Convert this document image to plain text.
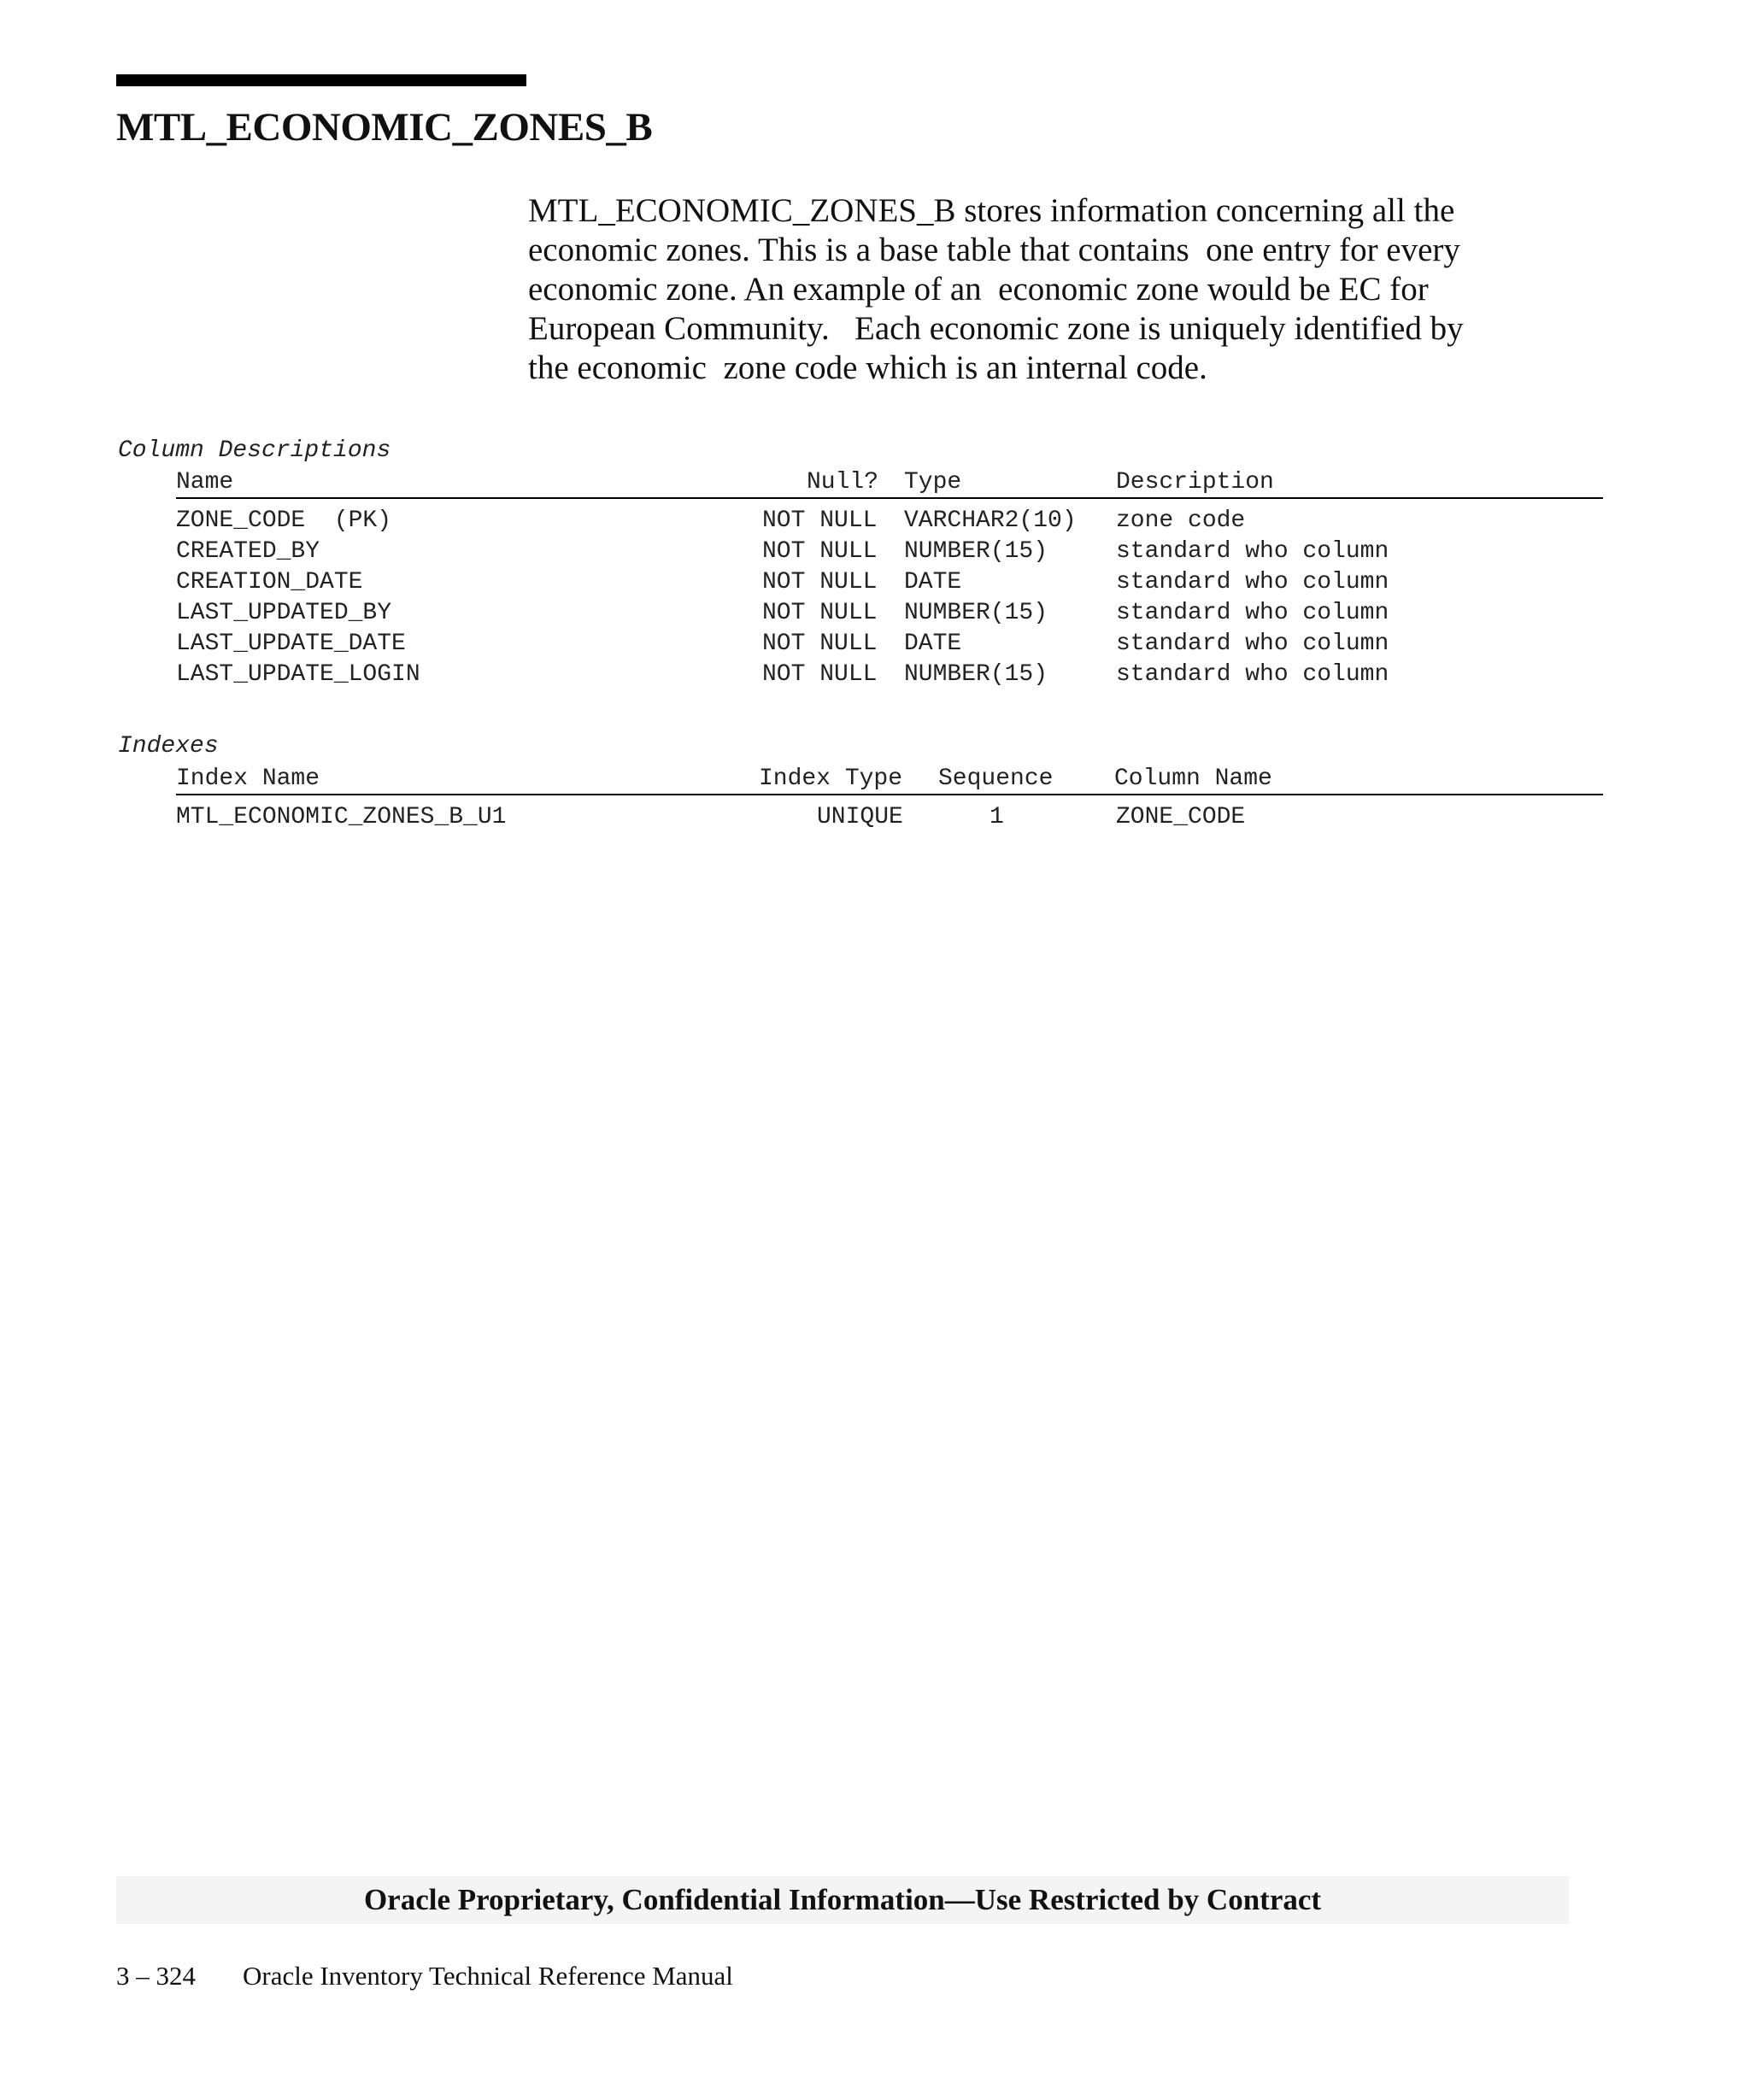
MTL_ECONOMIC_ZONES_B

MTL_ECONOMIC_ZONES_B stores information concerning all the
economic zones. This is a base table that contains  one entry for every
economic zone. An example of an  economic zone would be EC for
European Community.   Each economic zone is uniquely identified by
the economic  zone code which is an internal code.

Column Descriptions
Name	Null? Type	Description
ZONE_CODE  (PK)	NOT NULL VARCHAR2(10) zone code
CREATED_BY	NOT NULL NUMBER(15)	standard who column
CREATION_DATE	NOT NULL DATE	standard who column
LAST_UPDATED_BY	NOT NULL NUMBER(15)	standard who column
LAST_UPDATE_DATE	NOT NULL DATE	standard who column
LAST_UPDATE_LOGIN	NOT NULL NUMBER(15)	standard who column
Indexes
Index Name	Index Type Sequence	Column Name
MTL_ECONOMIC_ZONES_B_U1	UNIQUE	1	ZONE_CODE
Oracle Proprietary, Confidential Information––Use Restricted by Contract
3 – 324 Oracle Inventory Technical Reference Manual
